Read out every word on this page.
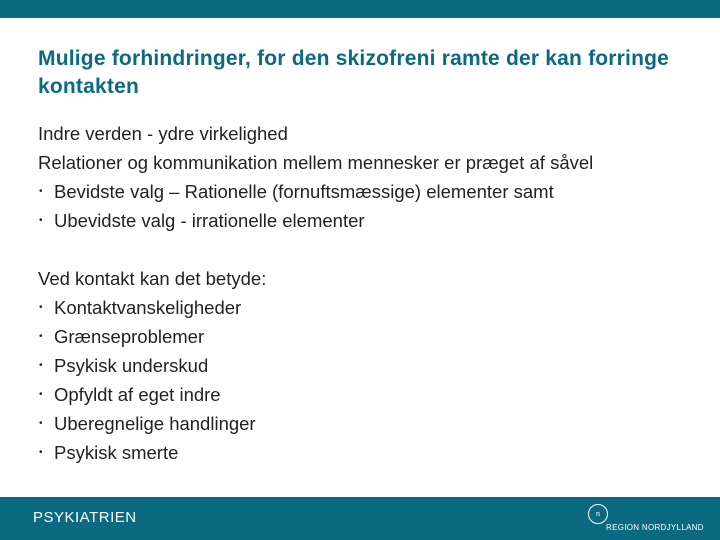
Mulige forhindringer, for den skizofreni ramte der kan forringe kontakten
Indre verden - ydre virkelighed
Relationer og kommunikation mellem mennesker er præget af såvel
• Bevidste valg – Rationelle (fornuftsmæssige) elementer samt
• Ubevidste valg - irrationelle elementer
Ved kontakt kan det betyde:
• Kontaktvanskeligheder
• Grænseproblemer
• Psykisk underskud
• Opfyldt af eget indre
• Uberegnelige handlinger
• Psykisk smerte
PSYKIATRIEN	n
REGION NORDJYLLAND
